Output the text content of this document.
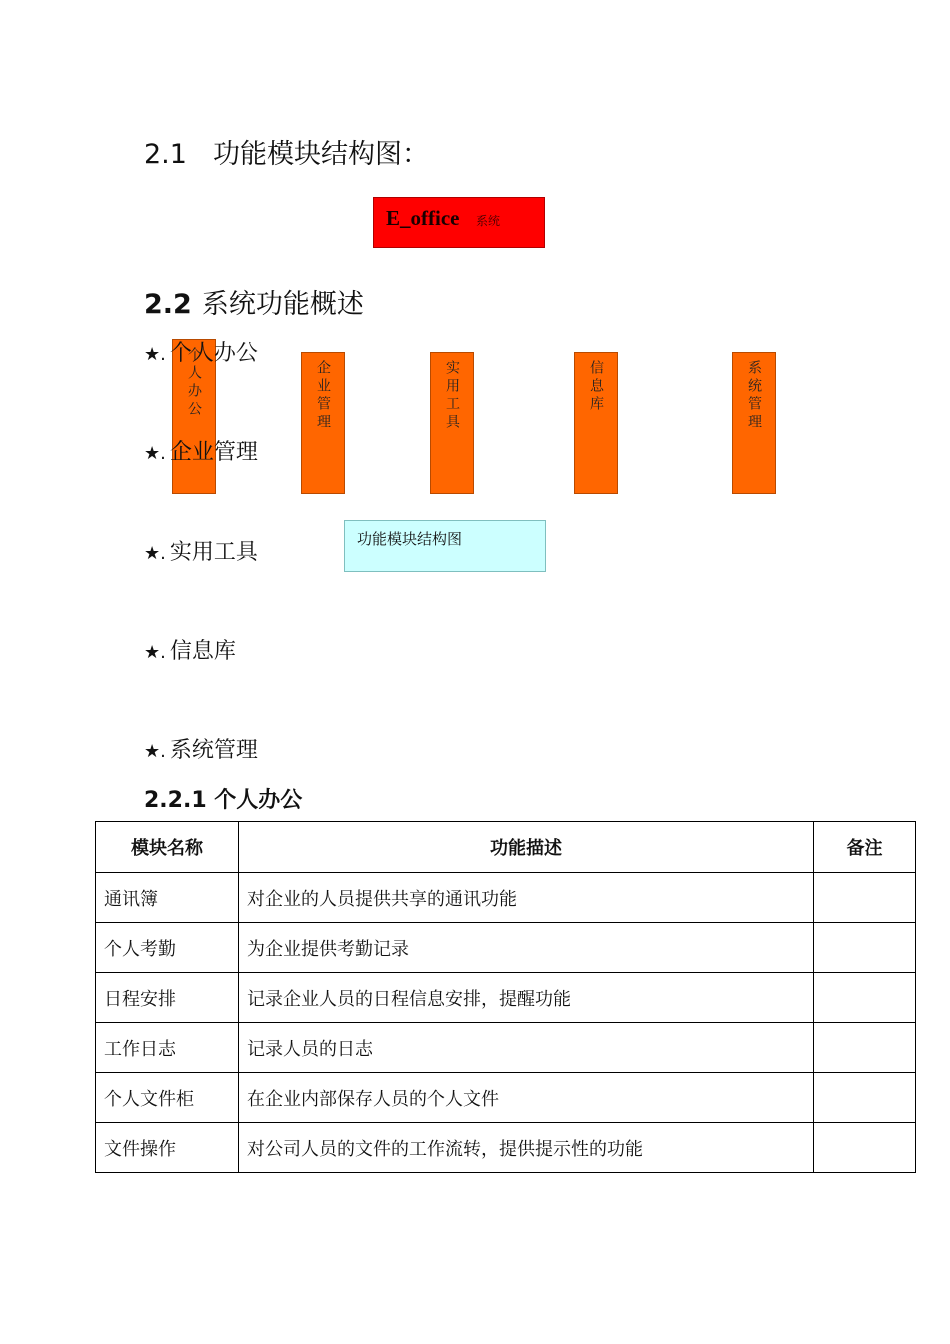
2.1 功能模块结构图：
E_office 系统
2.2 系统功能概述
个人办公	企业管理	实用工具	信息库	系统管理
★. 个人办公
★. 企业管理
★. 实用工具
★. 信息库
★. 系统管理
功能模块结构图
2.2.1 个人办公
模块名称	功能描述	备注
通讯簿	对企业的人员提供共享的通讯功能	
个人考勤	为企业提供考勤记录	
日程安排	记录企业人员的日程信息安排，提醒功能	
工作日志	记录人员的日志	
个人文件柜	在企业内部保存人员的个人文件	
文件操作	对公司人员的文件的工作流转，提供提示性的功能	
